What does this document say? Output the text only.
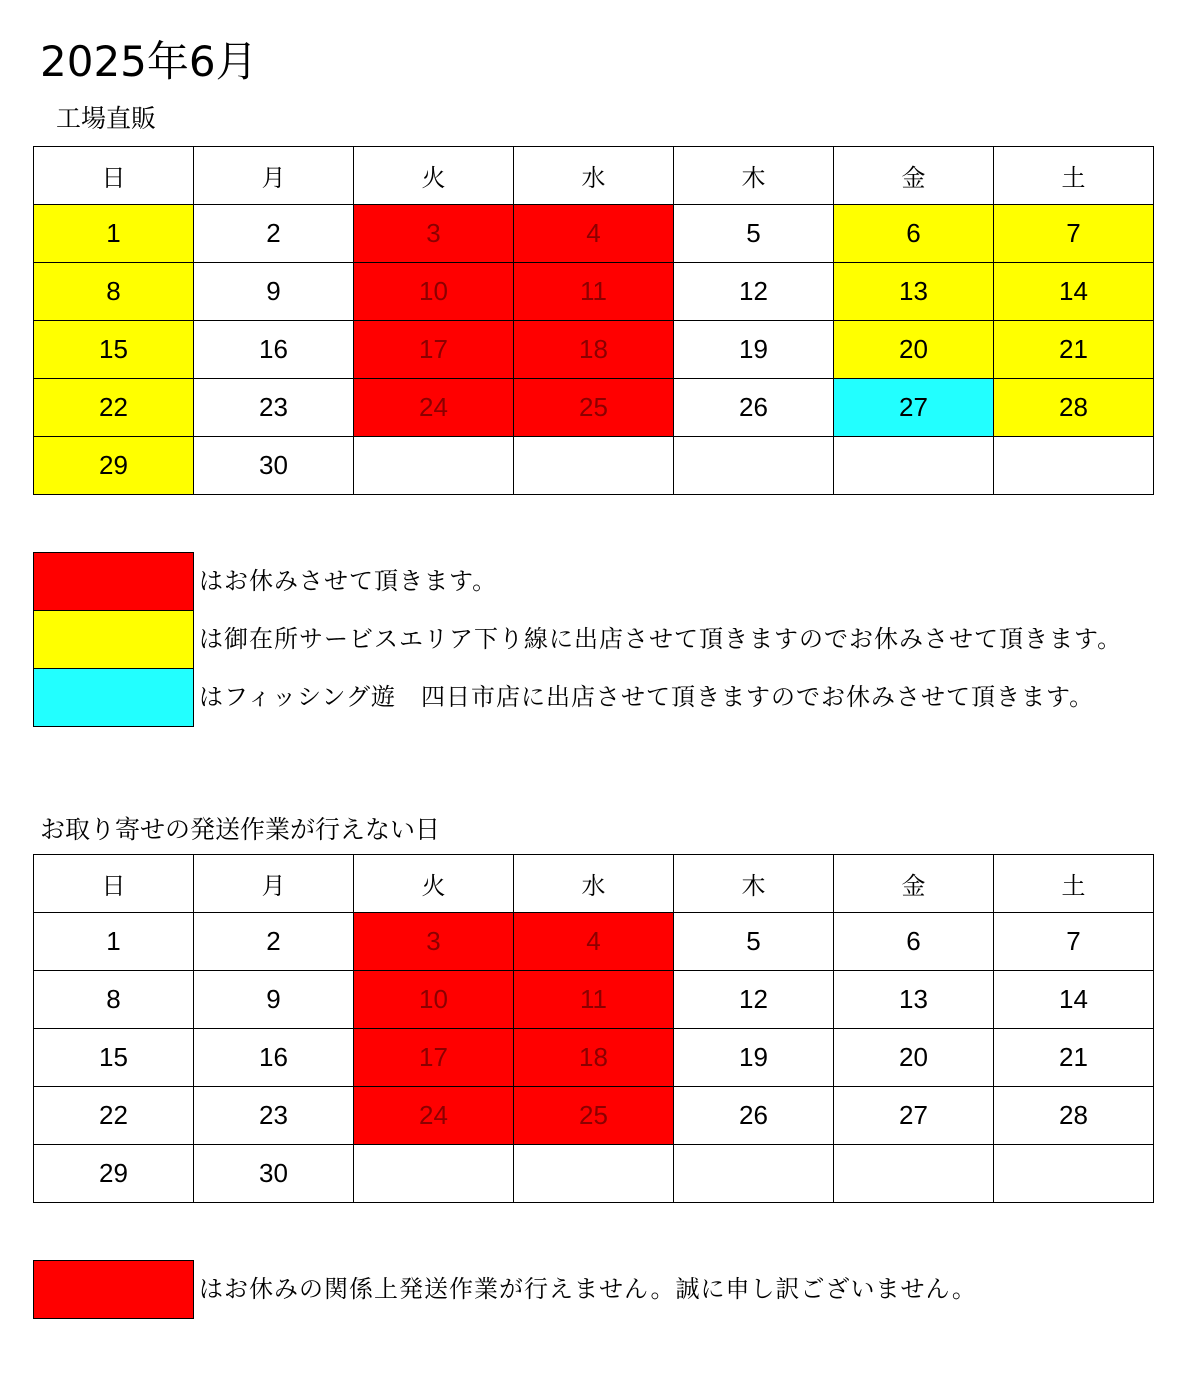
2025年6月
工場直販
日	月	火	水	木	金	土
1	2	3	4	5	6	7
8	9	10	11	12	13	14
15	16	17	18	19	20	21
22	23	24	25	26	27	28
29	30					
はお休みさせて頂きます。
は御在所サービスエリア下り線に出店させて頂きますのでお休みさせて頂きます。
はフィッシング遊　四日市店に出店させて頂きますのでお休みさせて頂きます。
お取り寄せの発送作業が行えない日
日	月	火	水	木	金	土
1	2	3	4	5	6	7
8	9	10	11	12	13	14
15	16	17	18	19	20	21
22	23	24	25	26	27	28
29	30					
はお休みの関係上発送作業が行えません。誠に申し訳ございません。
